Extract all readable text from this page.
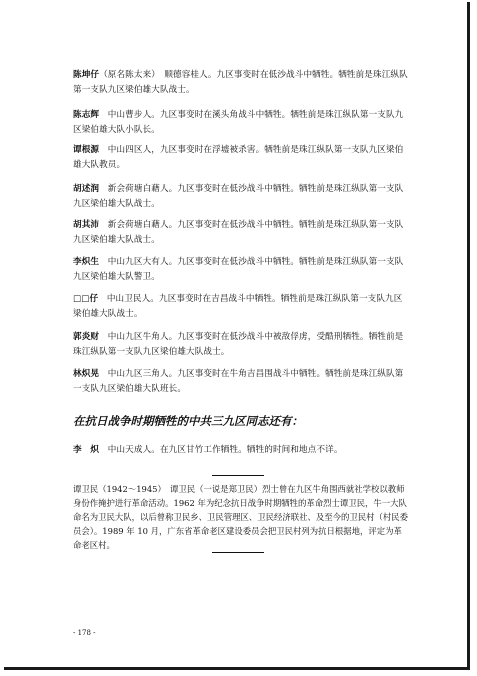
陈坤仔（原名陈太来）　顺德容桂人。九区事变时在低沙战斗中牺牲。牺牲前是珠江纵队第一支队九区梁伯雄大队战士。
陈志辉　中山曹步人。九区事变时在溪头角战斗中牺牲。牺牲前是珠江纵队第一支队九区梁伯雄大队小队长。
谭根源　中山四区人，九区事变时在浮墟被杀害。牺牲前是珠江纵队第一支队九区梁伯雄大队教员。
胡述润　新会荷塘白藉人。九区事变时在低沙战斗中牺牲。牺牲前是珠江纵队第一支队九区梁伯雄大队战士。
胡其沛　新会荷塘白藉人。九区事变时在低沙战斗中牺牲。牺牲前是珠江纵队第一支队九区梁伯雄大队战士。
李炽生　中山九区大有人。九区事变时在低沙战斗中牺牲。牺牲前是珠江纵队第一支队九区梁伯雄大队警卫。
□□仔　中山卫民人。九区事变时在吉昌战斗中牺牲。牺牲前是珠江纵队第一支队九区梁伯雄大队战士。
郭炎财　中山九区牛角人。九区事变时在低沙战斗中被敌俘虏，受酷刑牺牲。牺牲前是珠江纵队第一支队九区梁伯雄大队战士。
林炽晃　中山九区三角人。九区事变时在牛角吉昌围战斗中牺牲。牺牲前是珠江纵队第一支队九区梁伯雄大队班长。
在抗日战争时期牺牲的中共三九区同志还有：
李　炽　中山天成人。在九区甘竹工作牺牲。牺牲的时间和地点不详。
谭卫民（1942～1945）　谭卫民（一说是郑卫民）烈士曾在九区牛角围西就社学校以教师身份作掩护进行革命活动。1962 年为纪念抗日战争时期牺牲的革命烈士谭卫民，牛一大队命名为卫民大队，以后曾称卫民乡、卫民管理区、卫民经济联社、及至今的卫民村（村民委员会）。1989 年 10 月，广东省革命老区建设委员会把卫民村列为抗日根据地，评定为革命老区村。
- 178 -
